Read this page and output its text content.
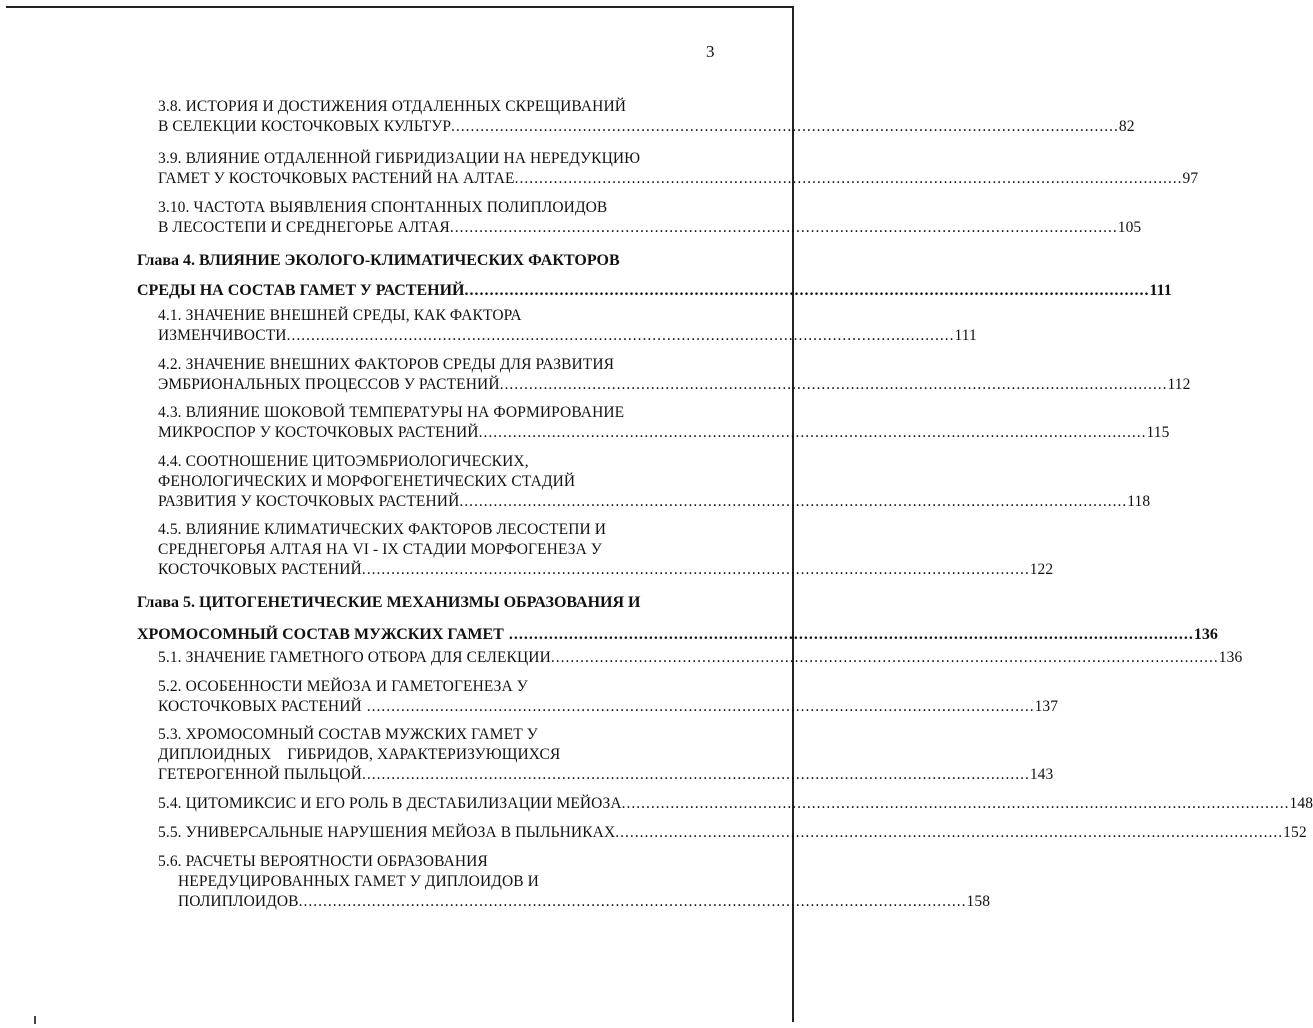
3
3.8. ИСТОРИЯ И ДОСТИЖЕНИЯ ОТДАЛЕННЫХ СКРЕЩИВАНИЙ
В СЕЛЕКЦИИ КОСТОЧКОВЫХ КУЛЬТУР ......................................................................................................................................... 82
3.9. ВЛИЯНИЕ ОТДАЛЕННОЙ ГИБРИДИЗАЦИИ НА НЕРЕДУКЦИЮ
ГАМЕТ У КОСТОЧКОВЫХ РАСТЕНИЙ НА АЛТАЕ ......................................................................................................................................... 97
3.10. ЧАСТОТА ВЫЯВЛЕНИЯ СПОНТАННЫХ ПОЛИПЛОИДОВ
В ЛЕСОСТЕПИ И СРЕДНЕГОРЬЕ АЛТАЯ ......................................................................................................................................... 105
Глава 4. ВЛИЯНИЕ ЭКОЛОГО-КЛИМАТИЧЕСКИХ ФАКТОРОВ
СРЕДЫ НА СОСТАВ ГАМЕТ У РАСТЕНИЙ.........................................................................................................................................111
4.1. ЗНАЧЕНИЕ ВНЕШНЕЙ СРЕДЫ, КАК ФАКТОРА
ИЗМЕНЧИВОСТИ ......................................................................................................................................... 111
4.2. ЗНАЧЕНИЕ ВНЕШНИХ ФАКТОРОВ СРЕДЫ ДЛЯ РАЗВИТИЯ
ЭМБРИОНАЛЬНЫХ ПРОЦЕССОВ У РАСТЕНИЙ ......................................................................................................................................... 112
4.3. ВЛИЯНИЕ ШОКОВОЙ ТЕМПЕРАТУРЫ НА ФОРМИРОВАНИЕ
МИКРОСПОР У КОСТОЧКОВЫХ РАСТЕНИЙ ......................................................................................................................................... 115
4.4. СООТНОШЕНИЕ ЦИТОЭМБРИОЛОГИЧЕСКИХ,
ФЕНОЛОГИЧЕСКИХ И МОРФОГЕНЕТИЧЕСКИХ СТАДИЙ
РАЗВИТИЯ У КОСТОЧКОВЫХ РАСТЕНИЙ ......................................................................................................................................... 118
4.5. ВЛИЯНИЕ КЛИМАТИЧЕСКИХ ФАКТОРОВ ЛЕСОСТЕПИ И
СРЕДНЕГОРЬЯ АЛТАЯ НА VI - IX СТАДИИ МОРФОГЕНЕЗА У
КОСТОЧКОВЫХ РАСТЕНИЙ ......................................................................................................................................... 122
Глава 5. ЦИТОГЕНЕТИЧЕСКИЕ МЕХАНИЗМЫ ОБРАЗОВАНИЯ И
ХРОМОСОМНЫЙ СОСТАВ МУЖСКИХ ГАМЕТ .........................................................................................................................................136
5.1. ЗНАЧЕНИЕ ГАМЕТНОГО ОТБОРА ДЛЯ СЕЛЕКЦИИ ......................................................................................................................................... 136
5.2. ОСОБЕННОСТИ МЕЙОЗА И ГАМЕТОГЕНЕЗА У
КОСТОЧКОВЫХ РАСТЕНИЙ ......................................................................................................................................... 137
5.3. ХРОМОСОМНЫЙ СОСТАВ МУЖСКИХ ГАМЕТ У
ДИПЛОИДНЫХ    ГИБРИДОВ, ХАРАКТЕРИЗУЮЩИХСЯ
ГЕТЕРОГЕННОЙ ПЫЛЬЦОЙ ......................................................................................................................................... 143
5.4. ЦИТОМИКСИС И ЕГО РОЛЬ В ДЕСТАБИЛИЗАЦИИ МЕЙОЗА ......................................................................................................................................... 148
5.5. УНИВЕРСАЛЬНЫЕ НАРУШЕНИЯ МЕЙОЗА В ПЫЛЬНИКАХ ......................................................................................................................................... 152
5.6. РАСЧЕТЫ ВЕРОЯТНОСТИ ОБРАЗОВАНИЯ
НЕРЕДУЦИРОВАННЫХ ГАМЕТ У ДИПЛОИДОВ И
ПОЛИПЛОИДОВ ......................................................................................................................................... 158
